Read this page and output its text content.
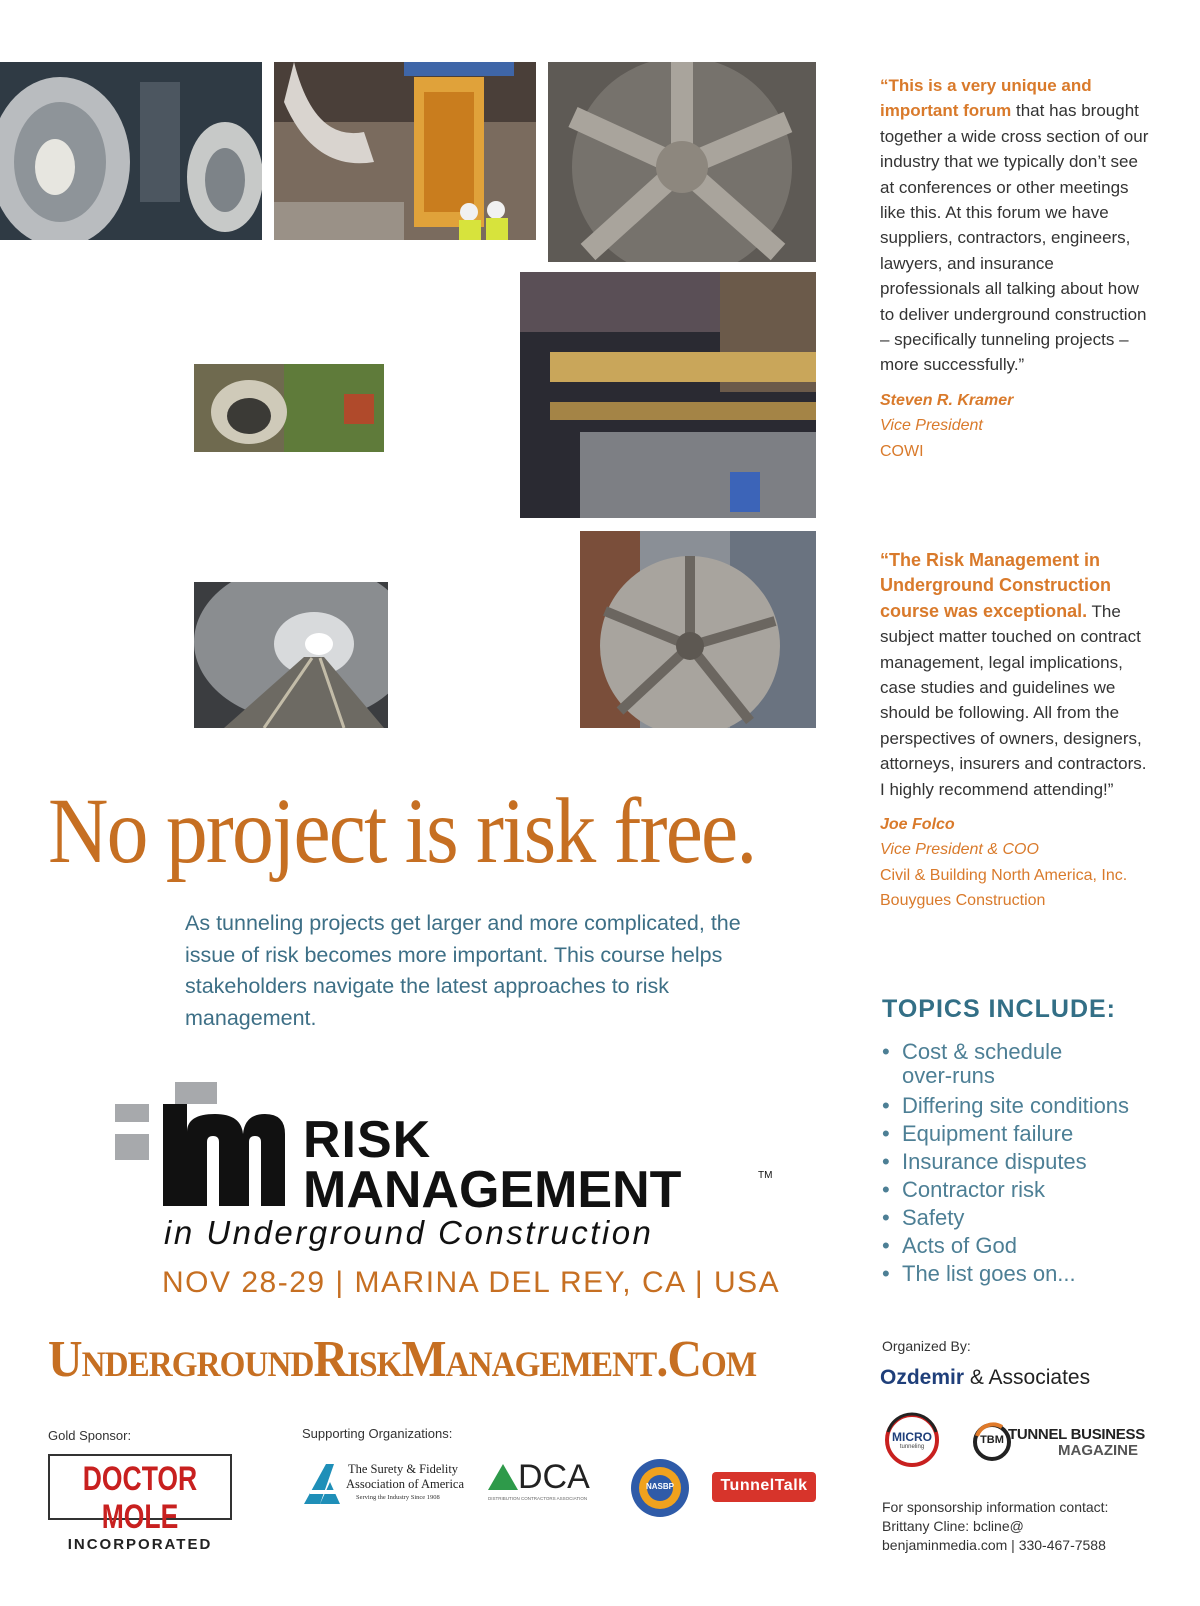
“This is a very unique and important forum that has brought together a wide cross section of our industry that we typically don’t see at conferences or other meetings like this. At this forum we have suppliers, contractors, engineers, lawyers, and insurance professionals all talking about how to deliver underground construction – specifically tunneling projects – more successfully.”
Steven R. Kramer
Vice President
COWI
“The Risk Management in Underground Construction course was exceptional. The subject matter touched on contract management, legal implications, case studies and guidelines we should be following. All from the perspectives of owners, designers, attorneys, insurers and contractors. I highly recommend attending!”
Joe Folco
Vice President & COO
Civil & Building North America, Inc.
Bouygues Construction
No project is risk free.
As tunneling projects get larger and more complicated, the issue of risk becomes more important. This course helps stakeholders navigate the latest approaches to risk management.	TOPICS INCLUDE:
• Cost & schedule over-runs
• Differing site conditions
• Equipment failure
• Insurance disputes
• Contractor risk
• Safety
• Acts of God
• The list goes on...
RISK
MANAGEMENT	TM
in Underground Construction
NOV 28-29 | MARINA DEL REY, CA | USA
UndergroundRiskManagement.Com
Gold Sponsor:
DOCTOR MOLE
INCORPORATED
Supporting Organizations:
The Surety & Fidelity
Association of America
Serving the Industry Since 1908
DCA
DISTRIBUTION CONTRACTORS ASSOCIATION
NASBP	TunnelTalk
Organized By:
Ozdemir & Associates
MICRO
tunneling
TBM TUNNEL BUSINESS
MAGAZINE
For sponsorship information contact: Brittany Cline: bcline@ benjaminmedia.com | 330-467-7588
